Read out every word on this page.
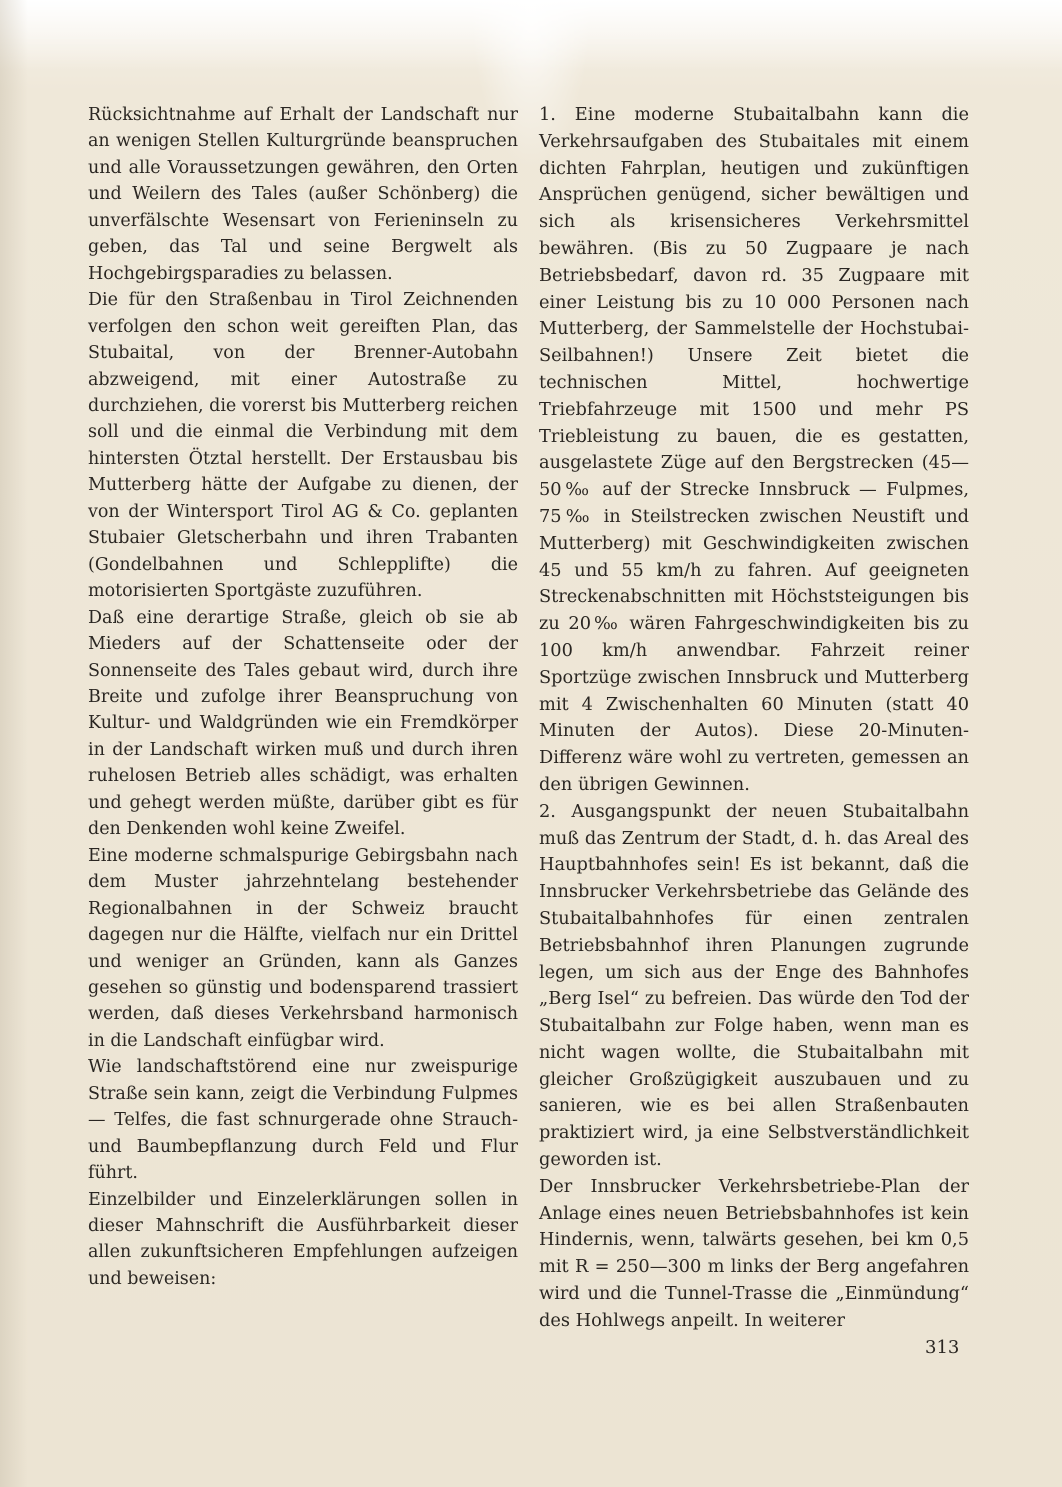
Rücksichtnahme auf Erhalt der Landschaft nur an wenigen Stellen Kulturgründe beanspruchen und alle Voraussetzungen gewähren, den Orten und Weilern des Tales (außer Schönberg) die unverfälschte Wesensart von Ferieninseln zu geben, das Tal und seine Bergwelt als Hochgebirgsparadies zu belassen.

Die für den Straßenbau in Tirol Zeichnenden verfolgen den schon weit gereiften Plan, das Stubaital, von der Brenner-Autobahn abzweigend, mit einer Autostraße zu durchziehen, die vorerst bis Mutterberg reichen soll und die einmal die Verbindung mit dem hintersten Ötztal herstellt. Der Erstausbau bis Mutterberg hätte der Aufgabe zu dienen, der von der Wintersport Tirol AG & Co. geplanten Stubaier Gletscherbahn und ihren Trabanten (Gondelbahnen und Schlepplifte) die motorisierten Sportgäste zuzuführen.

Daß eine derartige Straße, gleich ob sie ab Mieders auf der Schattenseite oder der Sonnenseite des Tales gebaut wird, durch ihre Breite und zufolge ihrer Beanspruchung von Kultur- und Waldgründen wie ein Fremdkörper in der Landschaft wirken muß und durch ihren ruhelosen Betrieb alles schädigt, was erhalten und gehegt werden müßte, darüber gibt es für den Denkenden wohl keine Zweifel.

Eine moderne schmalspurige Gebirgsbahn nach dem Muster jahrzehntelang bestehender Regionalbahnen in der Schweiz braucht dagegen nur die Hälfte, vielfach nur ein Drittel und weniger an Gründen, kann als Ganzes gesehen so günstig und bodensparend trassiert werden, daß dieses Verkehrsband harmonisch in die Landschaft einfügbar wird.

Wie landschaftstörend eine nur zweispurige Straße sein kann, zeigt die Verbindung Fulpmes — Telfes, die fast schnurgerade ohne Strauch- und Baumbepflanzung durch Feld und Flur führt.

Einzelbilder und Einzelerklärungen sollen in dieser Mahnschrift die Ausführbarkeit dieser allen zukunftsicheren Empfehlungen aufzeigen und beweisen:

1. Eine moderne Stubaitalbahn kann die Verkehrsaufgaben des Stubaitales mit einem dichten Fahrplan, heutigen und zukünftigen Ansprüchen genügend, sicher bewältigen und sich als krisensicheres Verkehrsmittel bewähren. (Bis zu 50 Zugpaare je nach Betriebsbedarf, davon rd. 35 Zugpaare mit einer Leistung bis zu 10 000 Personen nach Mutterberg, der Sammelstelle der Hochstubai-Seilbahnen!) Unsere Zeit bietet die technischen Mittel, hochwertige Triebfahrzeuge mit 1500 und mehr PS Triebleistung zu bauen, die es gestatten, ausgelastete Züge auf den Bergstrecken (45—50‰ auf der Strecke Innsbruck — Fulpmes, 75‰ in Steilstrecken zwischen Neustift und Mutterberg) mit Geschwindigkeiten zwischen 45 und 55 km/h zu fahren. Auf geeigneten Streckenabschnitten mit Höchststeigungen bis zu 20‰ wären Fahrgeschwindigkeiten bis zu 100 km/h anwendbar. Fahrzeit reiner Sportzüge zwischen Innsbruck und Mutterberg mit 4 Zwischenhalten 60 Minuten (statt 40 Minuten der Autos). Diese 20-Minuten-Differenz wäre wohl zu vertreten, gemessen an den übrigen Gewinnen.

2. Ausgangspunkt der neuen Stubaitalbahn muß das Zentrum der Stadt, d. h. das Areal des Hauptbahnhofes sein! Es ist bekannt, daß die Innsbrucker Verkehrsbetriebe das Gelände des Stubaitalbahnhofes für einen zentralen Betriebsbahnhof ihren Planungen zugrunde legen, um sich aus der Enge des Bahnhofes „Berg Isel“ zu befreien. Das würde den Tod der Stubaitalbahn zur Folge haben, wenn man es nicht wagen wollte, die Stubaitalbahn mit gleicher Großzügigkeit auszubauen und zu sanieren, wie es bei allen Straßenbauten praktiziert wird, ja eine Selbstverständlichkeit geworden ist.

Der Innsbrucker Verkehrsbetriebe-Plan der Anlage eines neuen Betriebsbahnhofes ist kein Hindernis, wenn, talwärts gesehen, bei km 0,5 mit R = 250—300 m links der Berg angefahren wird und die Tunnel-Trasse die „Einmündung“ des Hohlwegs anpeilt. In weiterer

313
